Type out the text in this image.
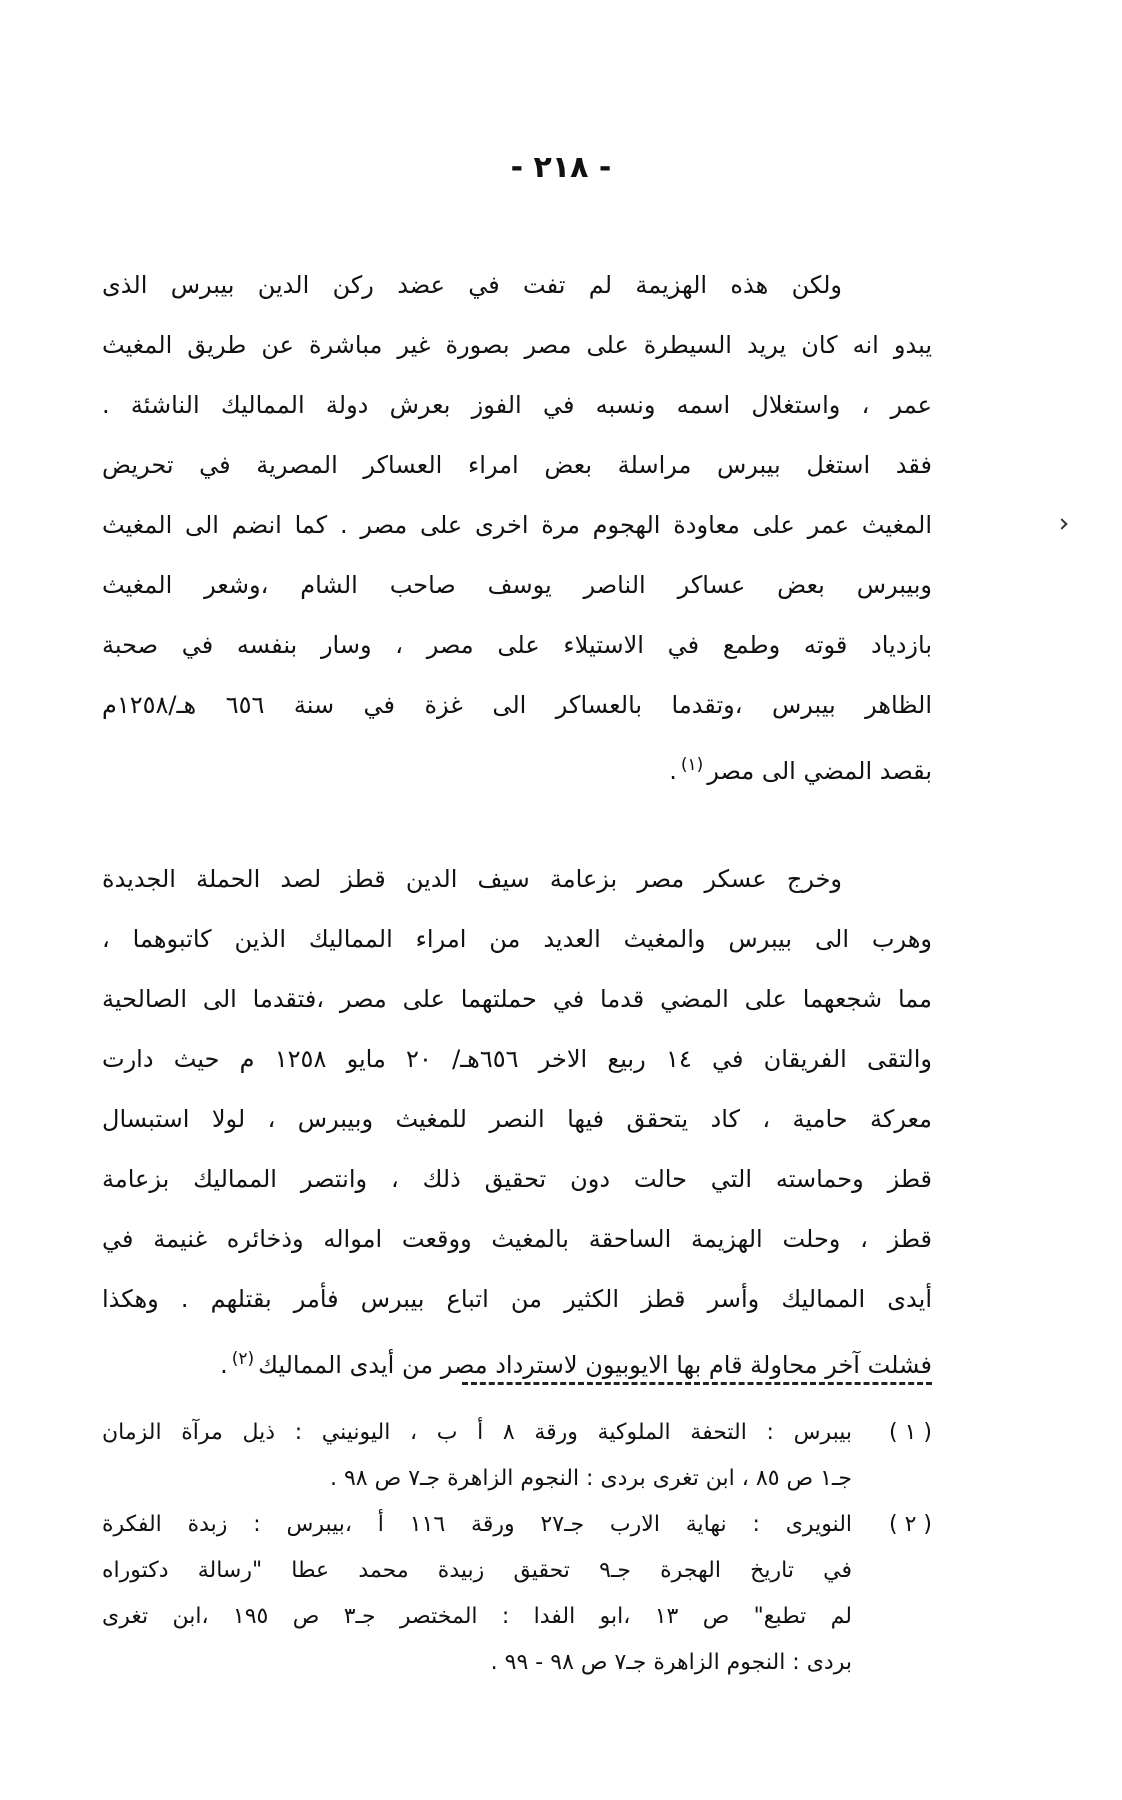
- ٢١٨ -

ولكن هذه الهزيمة لم تفت في عضد ركن الدين بيبرس الذى

يبدو انه كان يريد السيطرة على مصر بصورة غير مباشرة عن طريق المغيث

عمر ، واستغلال اسمه ونسبه في الفوز بعرش دولة المماليك الناشئة .

فقد استغل بيبرس مراسلة بعض امراء العساكر المصرية في تحريض

المغيث عمر على معاودة الهجوم مرة اخرى على مصر . كما انضم الى المغيث

وبيبرس بعض عساكر الناصر يوسف صاحب الشام ،وشعر المغيث

بازدياد قوته وطمع في الاستيلاء على مصر ، وسار بنفسه في صحبة

الظاهر بيبرس ،وتقدما بالعساكر الى غزة في سنة ٦٥٦ هـ/١٢٥٨م

بقصد المضي الى مصر$^{(١)}$.

وخرج عسكر مصر بزعامة سيف الدين قطز لصد الحملة الجديدة

وهرب الى بيبرس والمغيث العديد من امراء المماليك الذين كاتبوهما ،

مما شجعهما على المضي قدما في حملتهما على مصر ،فتقدما الى الصالحية

والتقى الفريقان في ١٤ ربيع الاخر ٦٥٦هـ/ ٢٠ مايو ١٢٥٨ م حيث دارت

معركة حامية ، كاد يتحقق فيها النصر للمغيث وبيبرس ، لولا استبسال

قطز وحماسته التي حالت دون تحقيق ذلك ، وانتصر المماليك بزعامة

قطز ، وحلت الهزيمة الساحقة بالمغيث ووقعت امواله وذخائره غنيمة في

أيدى المماليك وأسر قطز الكثير من اتباع بيبرس فأمر بقتلهم . وهكذا

فشلت آخر محاولة قام بها الايوبيون لاسترداد مصر من أيدى المماليك$^{(٢)}$.

( ١ )
بيبرس : التحفة الملوكية ورقة ٨ أ ب ، اليونيني : ذيل مرآة الزمان
جـ١ ص ٨٥ ، ابن تغرى بردى : النجوم الزاهرة جـ٧ ص ٩٨ .
( ٢ )
النويرى : نهاية الارب جـ٢٧ ورقة ١١٦ أ ،بيبرس : زبدة الفكرة
في تاريخ الهجرة جـ٩ تحقيق زبيدة محمد عطا "رسالة دكتوراه
لم تطبع" ص ١٣ ،ابو الفدا : المختصر جـ٣ ص ١٩٥ ،ابن تغرى
بردى : النجوم الزاهرة جـ٧ ص ٩٨ - ٩٩ .
